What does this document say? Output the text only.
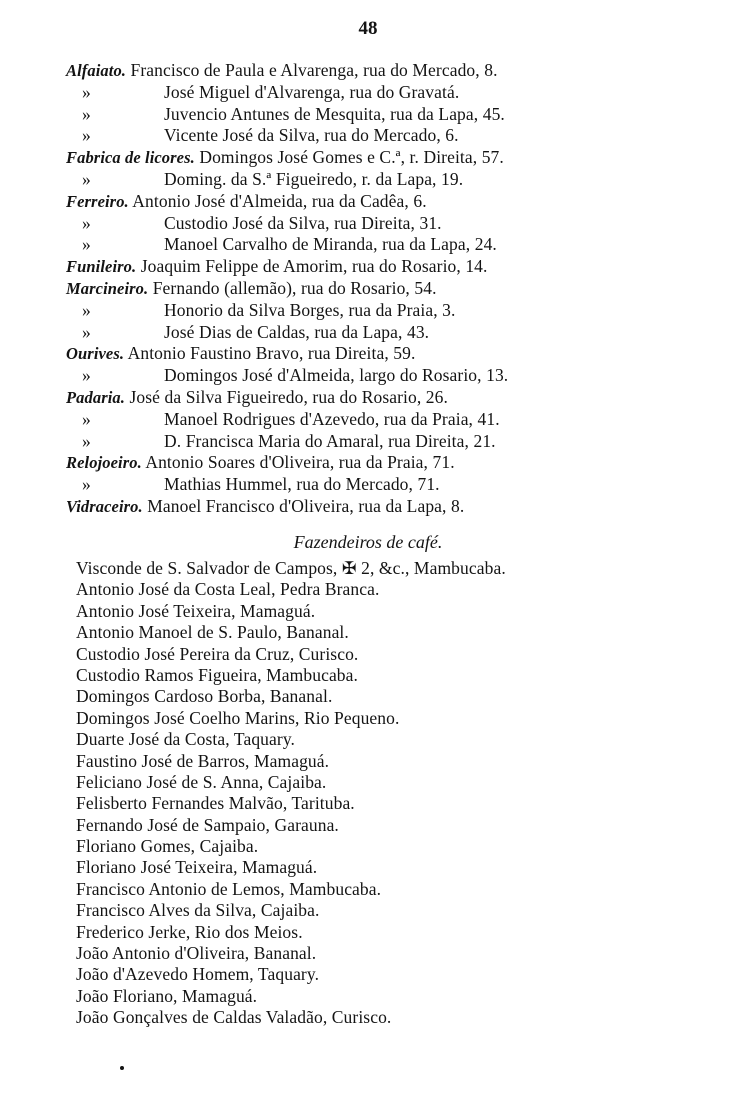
48
Alfaiato. Francisco de Paula e Alvarenga, rua do Mercado, 8.
»	José Miguel d'Alvarenga, rua do Gravatá.
»	Juvencio Antunes de Mesquita, rua da Lapa, 45.
»	Vicente José da Silva, rua do Mercado, 6.
Fabrica de licores. Domingos José Gomes e C.ª, r. Direita, 57.
»	Doming. da S.ª Figueiredo, r. da Lapa, 19.
Ferreiro. Antonio José d'Almeida, rua da Cadêa, 6.
»	Custodio José da Silva, rua Direita, 31.
»	Manoel Carvalho de Miranda, rua da Lapa, 24.
Funileiro. Joaquim Felippe de Amorim, rua do Rosario, 14.
Marcineiro. Fernando (allemão), rua do Rosario, 54.
»	Honorio da Silva Borges, rua da Praia, 3.
»	José Dias de Caldas, rua da Lapa, 43.
Ourives. Antonio Faustino Bravo, rua Direita, 59.
»	Domingos José d'Almeida, largo do Rosario, 13.
Padaria. José da Silva Figueiredo, rua do Rosario, 26.
»	Manoel Rodrigues d'Azevedo, rua da Praia, 41.
»	D. Francisca Maria do Amaral, rua Direita, 21.
Relojoeiro. Antonio Soares d'Oliveira, rua da Praia, 71.
»	Mathias Hummel, rua do Mercado, 71.
Vidraceiro. Manoel Francisco d'Oliveira, rua da Lapa, 8.
Fazendeiros de café.
Visconde de S. Salvador de Campos, ✠ 2, &c., Mambucaba.
Antonio José da Costa Leal, Pedra Branca.
Antonio José Teixeira, Mamaguá.
Antonio Manoel de S. Paulo, Bananal.
Custodio José Pereira da Cruz, Curisco.
Custodio Ramos Figueira, Mambucaba.
Domingos Cardoso Borba, Bananal.
Domingos José Coelho Marins, Rio Pequeno.
Duarte José da Costa, Taquary.
Faustino José de Barros, Mamaguá.
Feliciano José de S. Anna, Cajaiba.
Felisberto Fernandes Malvão, Tarituba.
Fernando José de Sampaio, Garauna.
Floriano Gomes, Cajaiba.
Floriano José Teixeira, Mamaguá.
Francisco Antonio de Lemos, Mambucaba.
Francisco Alves da Silva, Cajaiba.
Frederico Jerke, Rio dos Meios.
João Antonio d'Oliveira, Bananal.
João d'Azevedo Homem, Taquary.
João Floriano, Mamaguá.
João Gonçalves de Caldas Valadão, Curisco.
